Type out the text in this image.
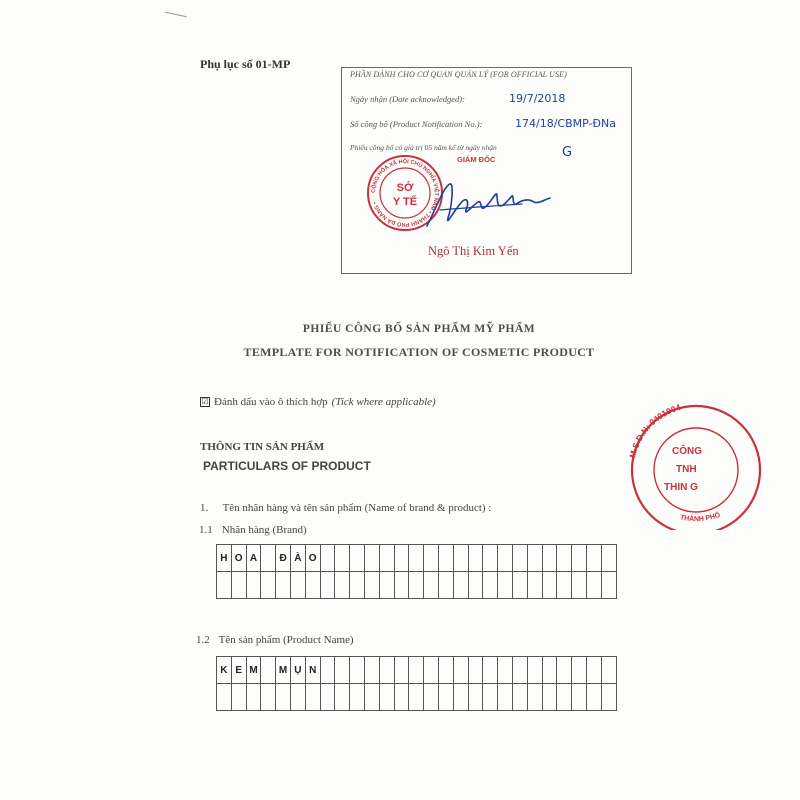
Phụ lục số 01-MP
PHẦN DÀNH CHO CƠ QUAN QUẢN LÝ (FOR OFFICIAL USE)
Ngày nhận (Date acknowledged):	19/7/2018
Số công bố (Product Notification No.):	174/18/CBMP-ĐNa
Phiếu công bố có giá trị 05 năm kể từ ngày nhận	G
CỘNG HÒA XÃ HỘI CHỦ NGHĨA VIỆT NAM • THÀNH PHỐ ĐÀ NẴNG •
SỞ
Y TẾ
GIÁM ĐỐC
Ngô Thị Kim Yến
PHIẾU CÔNG BỐ SẢN PHẨM MỸ PHẨM
TEMPLATE FOR NOTIFICATION OF COSMETIC PRODUCT
☑ Đánh dấu vào ô thích hợp (Tick where applicable)
THÔNG TIN SẢN PHẨM
PARTICULARS OF PRODUCT
1. Tên nhãn hàng và tên sản phẩm (Name of brand & product) :
1.1 Nhãn hàng (Brand)
H	O	A		Đ	À	O																				

1.2 Tên sản phẩm (Product Name)
K	E	M		M	Ụ	N																				

M.S.D.N: 0401904
THÀNH PHỐ
CÔNG
TNH
THIN G
